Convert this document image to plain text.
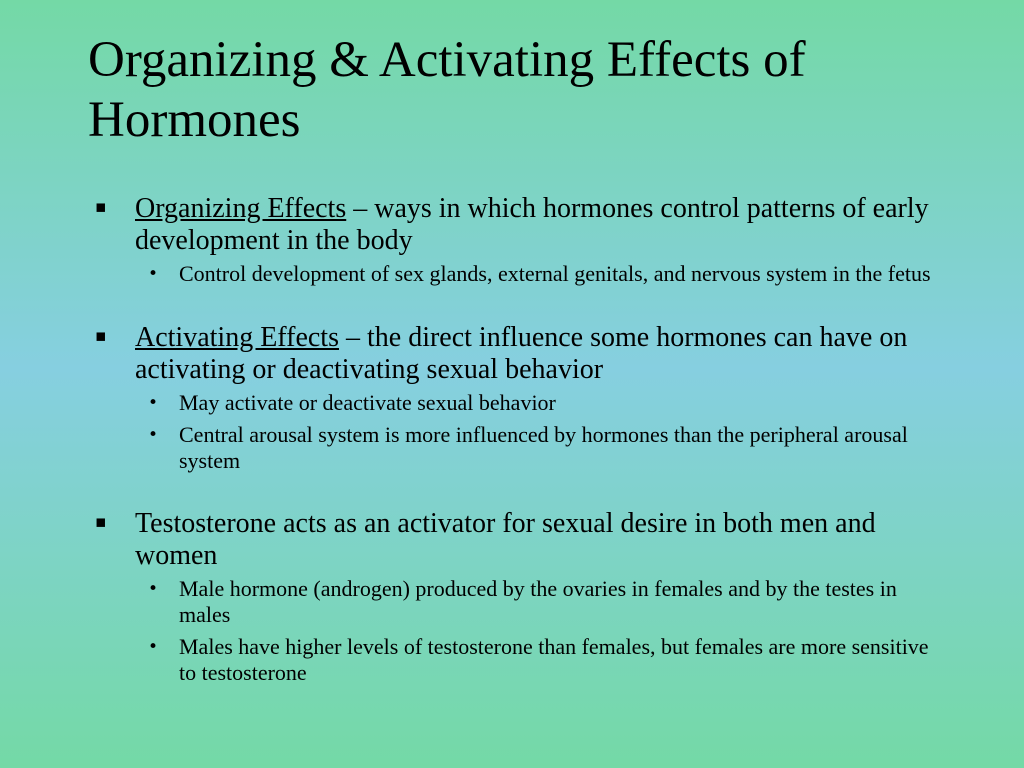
Organizing & Activating Effects of Hormones
▪ Organizing Effects – ways in which hormones control patterns of early development in the body
• Control development of sex glands, external genitals, and nervous system in the fetus
▪ Activating Effects – the direct influence some hormones can have on activating or deactivating sexual behavior
• May activate or deactivate sexual behavior
• Central arousal system is more influenced by hormones than the peripheral arousal system
▪ Testosterone acts as an activator for sexual desire in both men and women
• Male hormone (androgen) produced by the ovaries in females and by the testes in males
• Males have higher levels of testosterone than females, but females are more sensitive to testosterone
